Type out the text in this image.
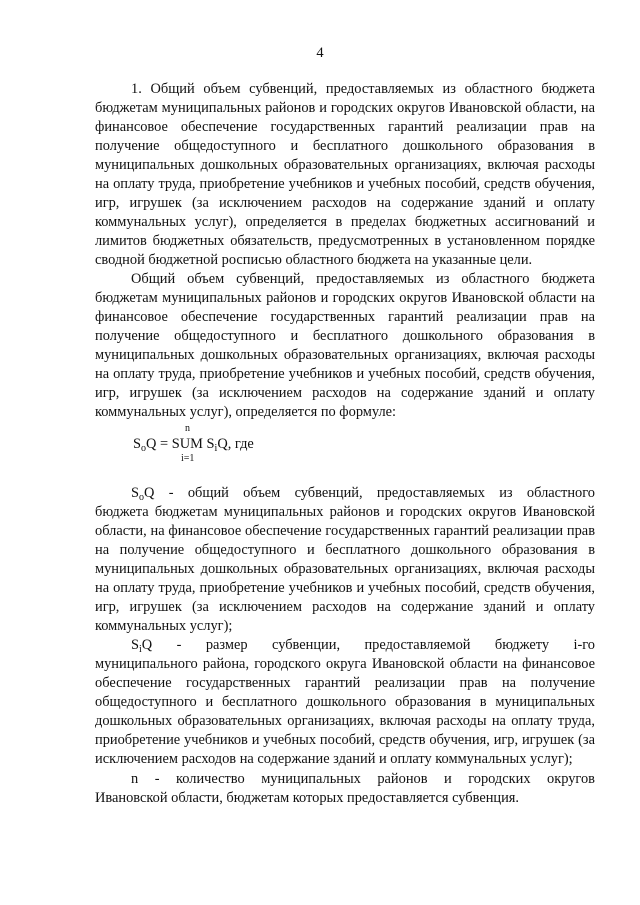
4

1. Общий объем субвенций, предоставляемых из областного бюджета бюджетам муниципальных районов и городских округов Ивановской области, на финансовое обеспечение государственных гарантий реализации прав на получение общедоступного и бесплатного дошкольного образования в муниципальных дошкольных образовательных организациях, включая расходы на оплату труда, приобретение учебников и учебных пособий, средств обучения, игр, игрушек (за исключением расходов на содержание зданий и оплату коммунальных услуг), определяется в пределах бюджетных ассигнований и лимитов бюджетных обязательств, предусмотренных в установленном порядке сводной бюджетной росписью областного бюджета на указанные цели.

Общий объем субвенций, предоставляемых из областного бюджета бюджетам муниципальных районов и городских округов Ивановской области на финансовое обеспечение государственных гарантий реализации прав на получение общедоступного и бесплатного дошкольного образования в муниципальных дошкольных образовательных организациях, включая расходы на оплату труда, приобретение учебников и учебных пособий, средств обучения, игр, игрушек (за исключением расходов на содержание зданий и оплату коммунальных услуг), определяется по формуле:

n
$S_oQ$ = SUM $S_iQ$, где
i=1
$S_oQ$ - общий объем субвенций, предоставляемых из областного

бюджета бюджетам муниципальных районов и городских округов Ивановской области, на финансовое обеспечение государственных гарантий реализации прав на получение общедоступного и бесплатного дошкольного образования в муниципальных дошкольных образовательных организациях, включая расходы на оплату труда, приобретение учебников и учебных пособий, средств обучения, игр, игрушек (за исключением расходов на содержание зданий и оплату коммунальных услуг);

$S_iQ$ - размер субвенции, предоставляемой бюджету i-го

муниципального района, городского округа Ивановской области на финансовое обеспечение государственных гарантий реализации прав на получение общедоступного и бесплатного дошкольного образования в муниципальных дошкольных образовательных организациях, включая расходы на оплату труда, приобретение учебников и учебных пособий, средств обучения, игр, игрушек (за исключением расходов на содержание зданий и оплату коммунальных услуг);

n - количество муниципальных районов и городских округов

Ивановской области, бюджетам которых предоставляется субвенция.
